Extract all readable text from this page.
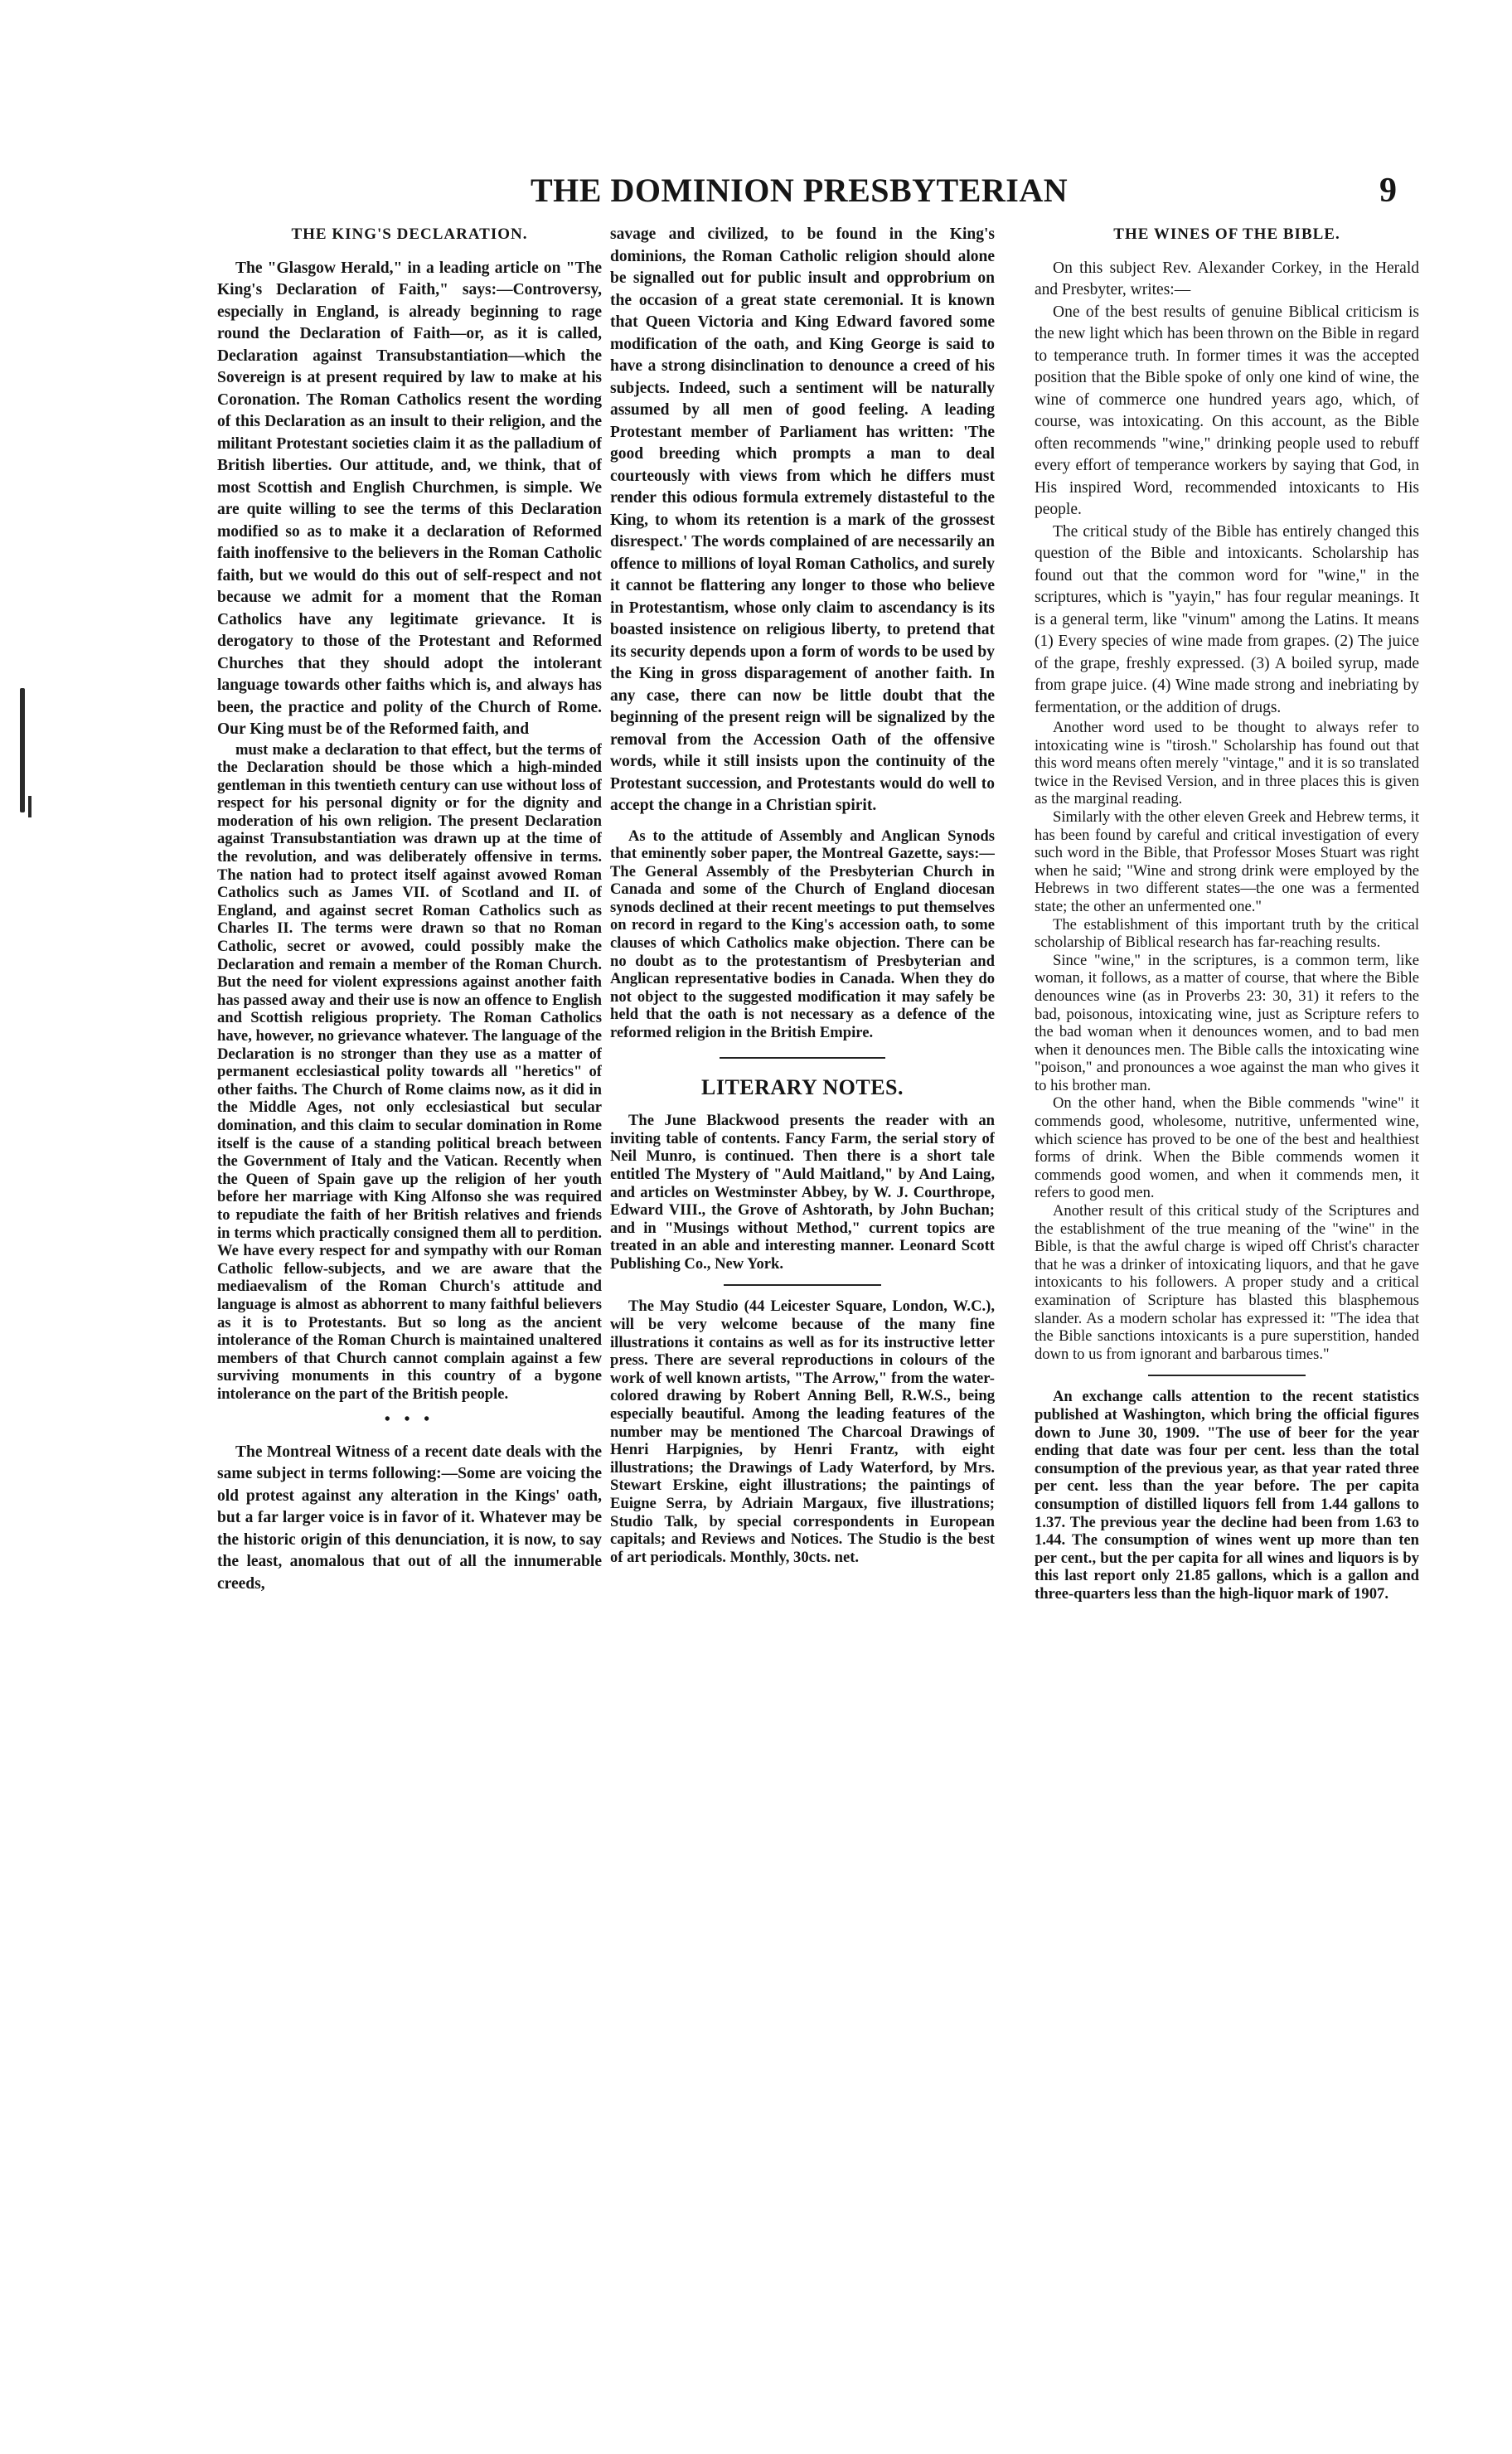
THE DOMINION PRESBYTERIAN	9

THE KING'S DECLARATION.

The "Glasgow Herald," in a leading article on "The King's Declaration of Faith," says:—Controversy, especially in England, is already beginning to rage round the Declaration of Faith—or, as it is called, Declaration against Transubstantiation—which the Sovereign is at present required by law to make at his Coronation. The Roman Catholics resent the wording of this Declaration as an insult to their religion, and the militant Protestant societies claim it as the palladium of British liberties. Our attitude, and, we think, that of most Scottish and English Churchmen, is simple. We are quite willing to see the terms of this Declaration modified so as to make it a declaration of Reformed faith inoffensive to the believers in the Roman Catholic faith, but we would do this out of self-respect and not because we admit for a moment that the Roman Catholics have any legitimate grievance. It is derogatory to those of the Protestant and Reformed Churches that they should adopt the intolerant language towards other faiths which is, and always has been, the practice and polity of the Church of Rome. Our King must be of the Reformed faith, and

must make a declaration to that effect, but the terms of the Declaration should be those which a high-minded gentleman in this twentieth century can use without loss of respect for his personal dignity or for the dignity and moderation of his own religion. The present Declaration against Transubstantiation was drawn up at the time of the revolution, and was deliberately offensive in terms. The nation had to protect itself against avowed Roman Catholics such as James VII. of Scotland and II. of England, and against secret Roman Catholics such as Charles II. The terms were drawn so that no Roman Catholic, secret or avowed, could possibly make the Declaration and remain a member of the Roman Church. But the need for violent expressions against another faith has passed away and their use is now an offence to English and Scottish religious propriety. The Roman Catholics have, however, no grievance whatever. The language of the Declaration is no stronger than they use as a matter of permanent ecclesiastical polity towards all "heretics" of other faiths. The Church of Rome claims now, as it did in the Middle Ages, not only ecclesiastical but secular domination, and this claim to secular domination in Rome itself is the cause of a standing political breach between the Government of Italy and the Vatican. Recently when the Queen of Spain gave up the religion of her youth before her marriage with King Alfonso she was required to repudiate the faith of her British relatives and friends in terms which practically consigned them all to perdition. We have every respect for and sympathy with our Roman Catholic fellow-subjects, and we are aware that the mediaevalism of the Roman Church's attitude and language is almost as abhorrent to many faithful believers as it is to Protestants. But so long as the ancient intolerance of the Roman Church is maintained unaltered members of that Church cannot complain against a few surviving monuments in this country of a bygone intolerance on the part of the British people.

• • •

The Montreal Witness of a recent date deals with the same subject in terms following:—Some are voicing the old protest against any alteration in the Kings' oath, but a far larger voice is in favor of it. Whatever may be the historic origin of this denunciation, it is now, to say the least, anomalous that out of all the innumerable creeds,

savage and civilized, to be found in the King's dominions, the Roman Catholic religion should alone be signalled out for public insult and opprobrium on the occasion of a great state ceremonial. It is known that Queen Victoria and King Edward favored some modification of the oath, and King George is said to have a strong disinclination to denounce a creed of his subjects. Indeed, such a sentiment will be naturally assumed by all men of good feeling. A leading Protestant member of Parliament has written: 'The good breeding which prompts a man to deal courteously with views from which he differs must render this odious formula extremely distasteful to the King, to whom its retention is a mark of the grossest disrespect.' The words complained of are necessarily an offence to millions of loyal Roman Catholics, and surely it cannot be flattering any longer to those who believe in Protestantism, whose only claim to ascendancy is its boasted insistence on religious liberty, to pretend that its security depends upon a form of words to be used by the King in gross disparagement of another faith. In any case, there can now be little doubt that the beginning of the present reign will be signalized by the removal from the Accession Oath of the offensive words, while it still insists upon the continuity of the Protestant succession, and Protestants would do well to accept the change in a Christian spirit.

As to the attitude of Assembly and Anglican Synods that eminently sober paper, the Montreal Gazette, says:—The General Assembly of the Presbyterian Church in Canada and some of the Church of England diocesan synods declined at their recent meetings to put themselves on record in regard to the King's accession oath, to some clauses of which Catholics make objection. There can be no doubt as to the protestantism of Presbyterian and Anglican representative bodies in Canada. When they do not object to the suggested modification it may safely be held that the oath is not necessary as a defence of the reformed religion in the British Empire.

LITERARY NOTES.

The June Blackwood presents the reader with an inviting table of contents. Fancy Farm, the serial story of Neil Munro, is continued. Then there is a short tale entitled The Mystery of "Auld Maitland," by And Laing, and articles on Westminster Abbey, by W. J. Courthrope, Edward VIII., the Grove of Ashtorath, by John Buchan; and in "Musings without Method," current topics are treated in an able and interesting manner. Leonard Scott Publishing Co., New York.

The May Studio (44 Leicester Square, London, W.C.), will be very welcome because of the many fine illustrations it contains as well as for its instructive letter press. There are several reproductions in colours of the work of well known artists, "The Arrow," from the water-colored drawing by Robert Anning Bell, R.W.S., being especially beautiful. Among the leading features of the number may be mentioned The Charcoal Drawings of Henri Harpignies, by Henri Frantz, with eight illustrations; the Drawings of Lady Waterford, by Mrs. Stewart Erskine, eight illustrations; the paintings of Euigne Serra, by Adriain Margaux, five illustrations; Studio Talk, by special correspondents in European capitals; and Reviews and Notices. The Studio is the best of art periodicals. Monthly, 30cts. net.

THE WINES OF THE BIBLE.

On this subject Rev. Alexander Corkey, in the Herald and Presbyter, writes:—

One of the best results of genuine Biblical criticism is the new light which has been thrown on the Bible in regard to temperance truth. In former times it was the accepted position that the Bible spoke of only one kind of wine, the wine of commerce one hundred years ago, which, of course, was intoxicating. On this account, as the Bible often recommends "wine," drinking people used to rebuff every effort of temperance workers by saying that God, in His inspired Word, recommended intoxicants to His people.

The critical study of the Bible has entirely changed this question of the Bible and intoxicants. Scholarship has found out that the common word for "wine," in the scriptures, which is "yayin," has four regular meanings. It is a general term, like "vinum" among the Latins. It means (1) Every species of wine made from grapes. (2) The juice of the grape, freshly expressed. (3) A boiled syrup, made from grape juice. (4) Wine made strong and inebriating by fermentation, or the addition of drugs.

Another word used to be thought to always refer to intoxicating wine is "tirosh." Scholarship has found out that this word means often merely "vintage," and it is so translated twice in the Revised Version, and in three places this is given as the marginal reading.

Similarly with the other eleven Greek and Hebrew terms, it has been found by careful and critical investigation of every such word in the Bible, that Professor Moses Stuart was right when he said; "Wine and strong drink were employed by the Hebrews in two different states—the one was a fermented state; the other an unfermented one."

The establishment of this important truth by the critical scholarship of Biblical research has far-reaching results.

Since "wine," in the scriptures, is a common term, like woman, it follows, as a matter of course, that where the Bible denounces wine (as in Proverbs 23: 30, 31) it refers to the bad, poisonous, intoxicating wine, just as Scripture refers to the bad woman when it denounces women, and to bad men when it denounces men. The Bible calls the intoxicating wine "poison," and pronounces a woe against the man who gives it to his brother man.

On the other hand, when the Bible commends "wine" it commends good, wholesome, nutritive, unfermented wine, which science has proved to be one of the best and healthiest forms of drink. When the Bible commends women it commends good women, and when it commends men, it refers to good men.

Another result of this critical study of the Scriptures and the establishment of the true meaning of the "wine" in the Bible, is that the awful charge is wiped off Christ's character that he was a drinker of intoxicating liquors, and that he gave intoxicants to his followers. A proper study and a critical examination of Scripture has blasted this blasphemous slander. As a modern scholar has expressed it: "The idea that the Bible sanctions intoxicants is a pure superstition, handed down to us from ignorant and barbarous times."

An exchange calls attention to the recent statistics published at Washington, which bring the official figures down to June 30, 1909. "The use of beer for the year ending that date was four per cent. less than the total consumption of the previous year, as that year rated three per cent. less than the year before. The per capita consumption of distilled liquors fell from 1.44 gallons to 1.37. The previous year the decline had been from 1.63 to 1.44. The consumption of wines went up more than ten per cent., but the per capita for all wines and liquors is by this last report only 21.85 gallons, which is a gallon and three-quarters less than the high-liquor mark of 1907.
